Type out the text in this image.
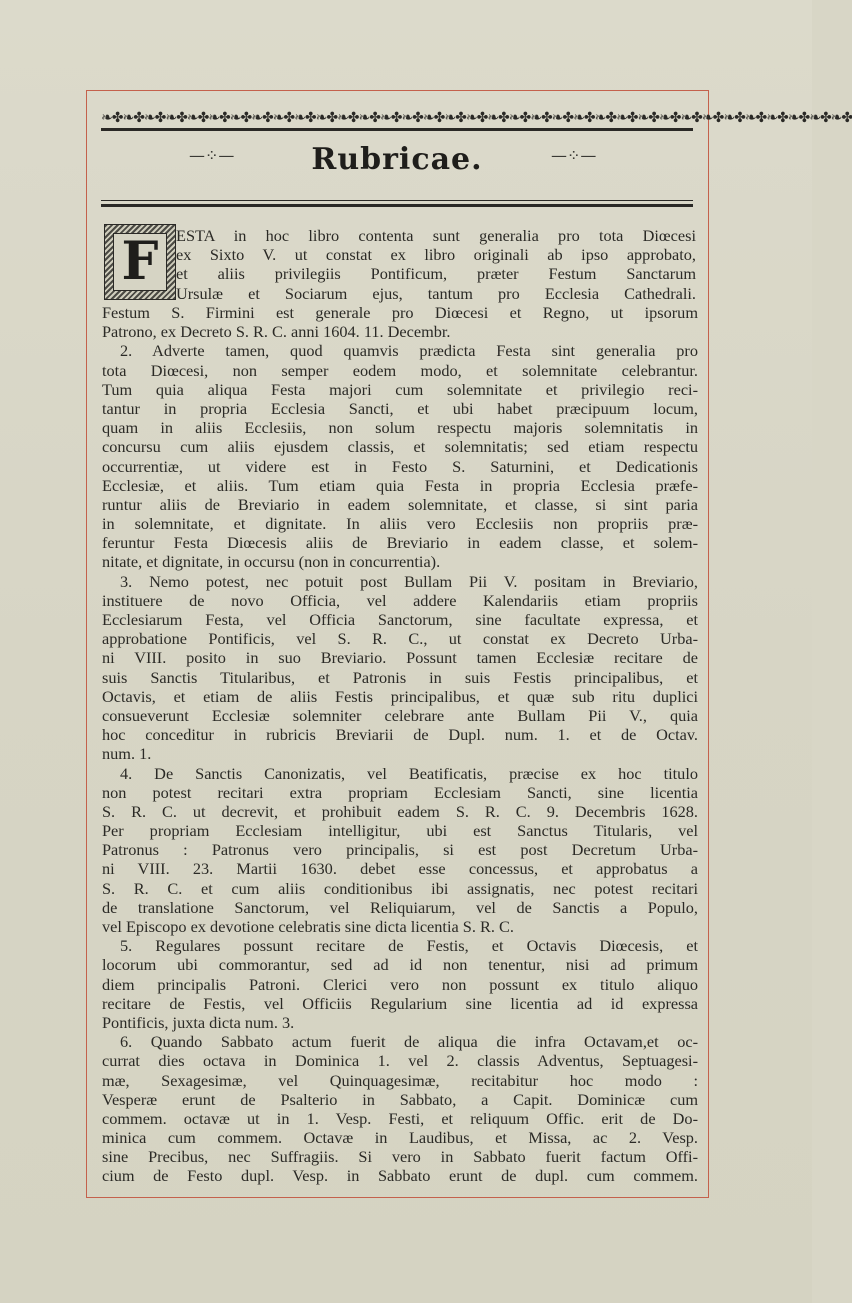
❧✤❧✤❧✤❧✤❧✤❧✤❧✤❧✤❧✤❧✤❧✤❧✤❧✤❧✤❧✤❧✤❧✤❧✤❧✤❧✤❧✤❧✤❧✤❧✤❧✤❧✤❧✤❧✤❧✤❧✤❧✤❧✤❧✤❧✤❧✤
—⁘—	Rubricae.	—⁘—
F	ESTA in hoc libro contenta sunt generalia pro tota Diœcesi
ex Sixto V. ut constat ex libro originali ab ipso approbato,
et aliis privilegiis Pontificum, præter Festum Sanctarum
Ursulæ et Sociarum ejus, tantum pro Ecclesia Cathedrali.
Festum S. Firmini est generale pro Diœcesi et Regno, ut ipsorum
Patrono, ex Decreto S. R. C. anni 1604. 11. Decembr.
2. Adverte tamen, quod quamvis prædicta Festa sint generalia pro
tota Diœcesi, non semper eodem modo, et solemnitate celebrantur.
Tum quia aliqua Festa majori cum solemnitate et privilegio reci-
tantur in propria Ecclesia Sancti, et ubi habet præcipuum locum,
quam in aliis Ecclesiis, non solum respectu majoris solemnitatis in
concursu cum aliis ejusdem classis, et solemnitatis; sed etiam respectu
occurrentiæ, ut videre est in Festo S. Saturnini, et Dedicationis
Ecclesiæ, et aliis. Tum etiam quia Festa in propria Ecclesia præfe-
runtur aliis de Breviario in eadem solemnitate, et classe, si sint paria
in solemnitate, et dignitate. In aliis vero Ecclesiis non propriis præ-
feruntur Festa Diœcesis aliis de Breviario in eadem classe, et solem-
nitate, et dignitate, in occursu (non in concurrentia).
3. Nemo potest, nec potuit post Bullam Pii V. positam in Breviario,
instituere de novo Officia, vel addere Kalendariis etiam propriis
Ecclesiarum Festa, vel Officia Sanctorum, sine facultate expressa, et
approbatione Pontificis, vel S. R. C., ut constat ex Decreto Urba-
ni VIII. posito in suo Breviario. Possunt tamen Ecclesiæ recitare de
suis Sanctis Titularibus, et Patronis in suis Festis principalibus, et
Octavis, et etiam de aliis Festis principalibus, et quæ sub ritu duplici
consueverunt Ecclesiæ solemniter celebrare ante Bullam Pii V., quia
hoc conceditur in rubricis Breviarii de Dupl. num. 1. et de Octav.
num. 1.
4. De Sanctis Canonizatis, vel Beatificatis, præcise ex hoc titulo
non potest recitari extra propriam Ecclesiam Sancti, sine licentia
S. R. C. ut decrevit, et prohibuit eadem S. R. C. 9. Decembris 1628.
Per propriam Ecclesiam intelligitur, ubi est Sanctus Titularis, vel
Patronus : Patronus vero principalis, si est post Decretum Urba-
ni VIII. 23. Martii 1630. debet esse concessus, et approbatus a
S. R. C. et cum aliis conditionibus ibi assignatis, nec potest recitari
de translatione Sanctorum, vel Reliquiarum, vel de Sanctis a Populo,
vel Episcopo ex devotione celebratis sine dicta licentia S. R. C.
5. Regulares possunt recitare de Festis, et Octavis Diœcesis, et
locorum ubi commorantur, sed ad id non tenentur, nisi ad primum
diem principalis Patroni. Clerici vero non possunt ex titulo aliquo
recitare de Festis, vel Officiis Regularium sine licentia ad id expressa
Pontificis, juxta dicta num. 3.
6. Quando Sabbato actum fuerit de aliqua die infra Octavam,et oc-
currat dies octava in Dominica 1. vel 2. classis Adventus, Septuagesi-
mæ, Sexagesimæ, vel Quinquagesimæ, recitabitur hoc modo :
Vesperæ erunt de Psalterio in Sabbato, a Capit. Dominicæ cum
commem. octavæ ut in 1. Vesp. Festi, et reliquum Offic. erit de Do-
minica cum commem. Octavæ in Laudibus, et Missa, ac 2. Vesp.
sine Precibus, nec Suffragiis. Si vero in Sabbato fuerit factum Offi-
cium de Festo dupl. Vesp. in Sabbato erunt de dupl. cum commem.
